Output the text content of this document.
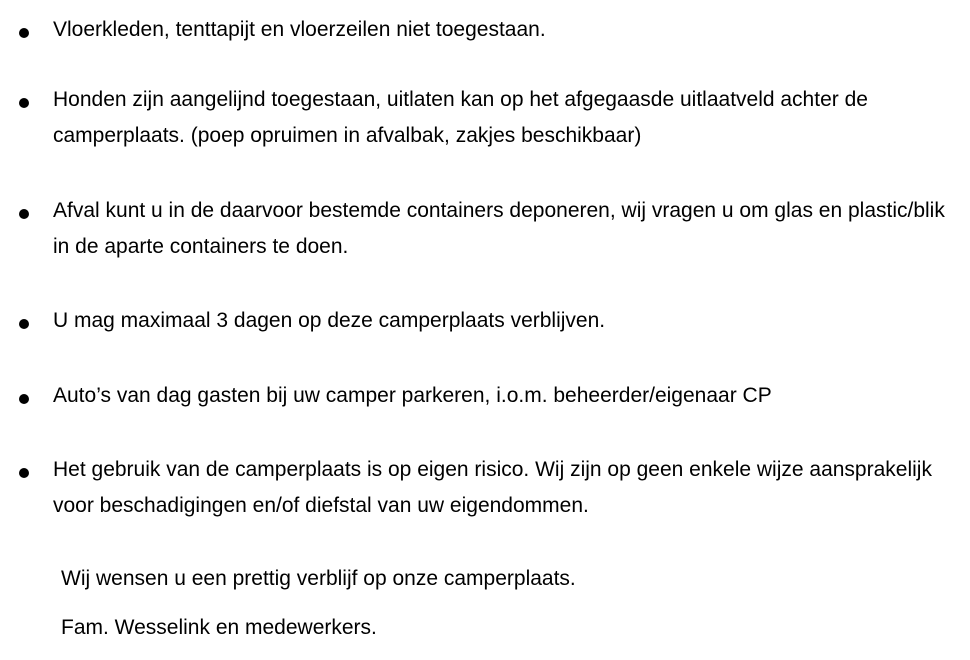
Vloerkleden, tenttapijt en vloerzeilen niet toegestaan.
Honden zijn aangelijnd toegestaan, uitlaten kan op het afgegaasde uitlaatveld achter de camperplaats. (poep opruimen in afvalbak, zakjes beschikbaar)
Afval kunt u in de daarvoor bestemde containers deponeren, wij vragen u om glas en plastic/blik in de aparte containers te doen.
U mag maximaal 3 dagen op deze camperplaats verblijven.
Auto’s van dag gasten bij uw camper parkeren, i.o.m. beheerder/eigenaar CP
Het gebruik van de camperplaats is op eigen risico. Wij zijn op geen enkele wijze aansprakelijk voor beschadigingen en/of diefstal van uw eigendommen.
Wij wensen u een prettig verblijf op onze camperplaats.
Fam. Wesselink en medewerkers.
